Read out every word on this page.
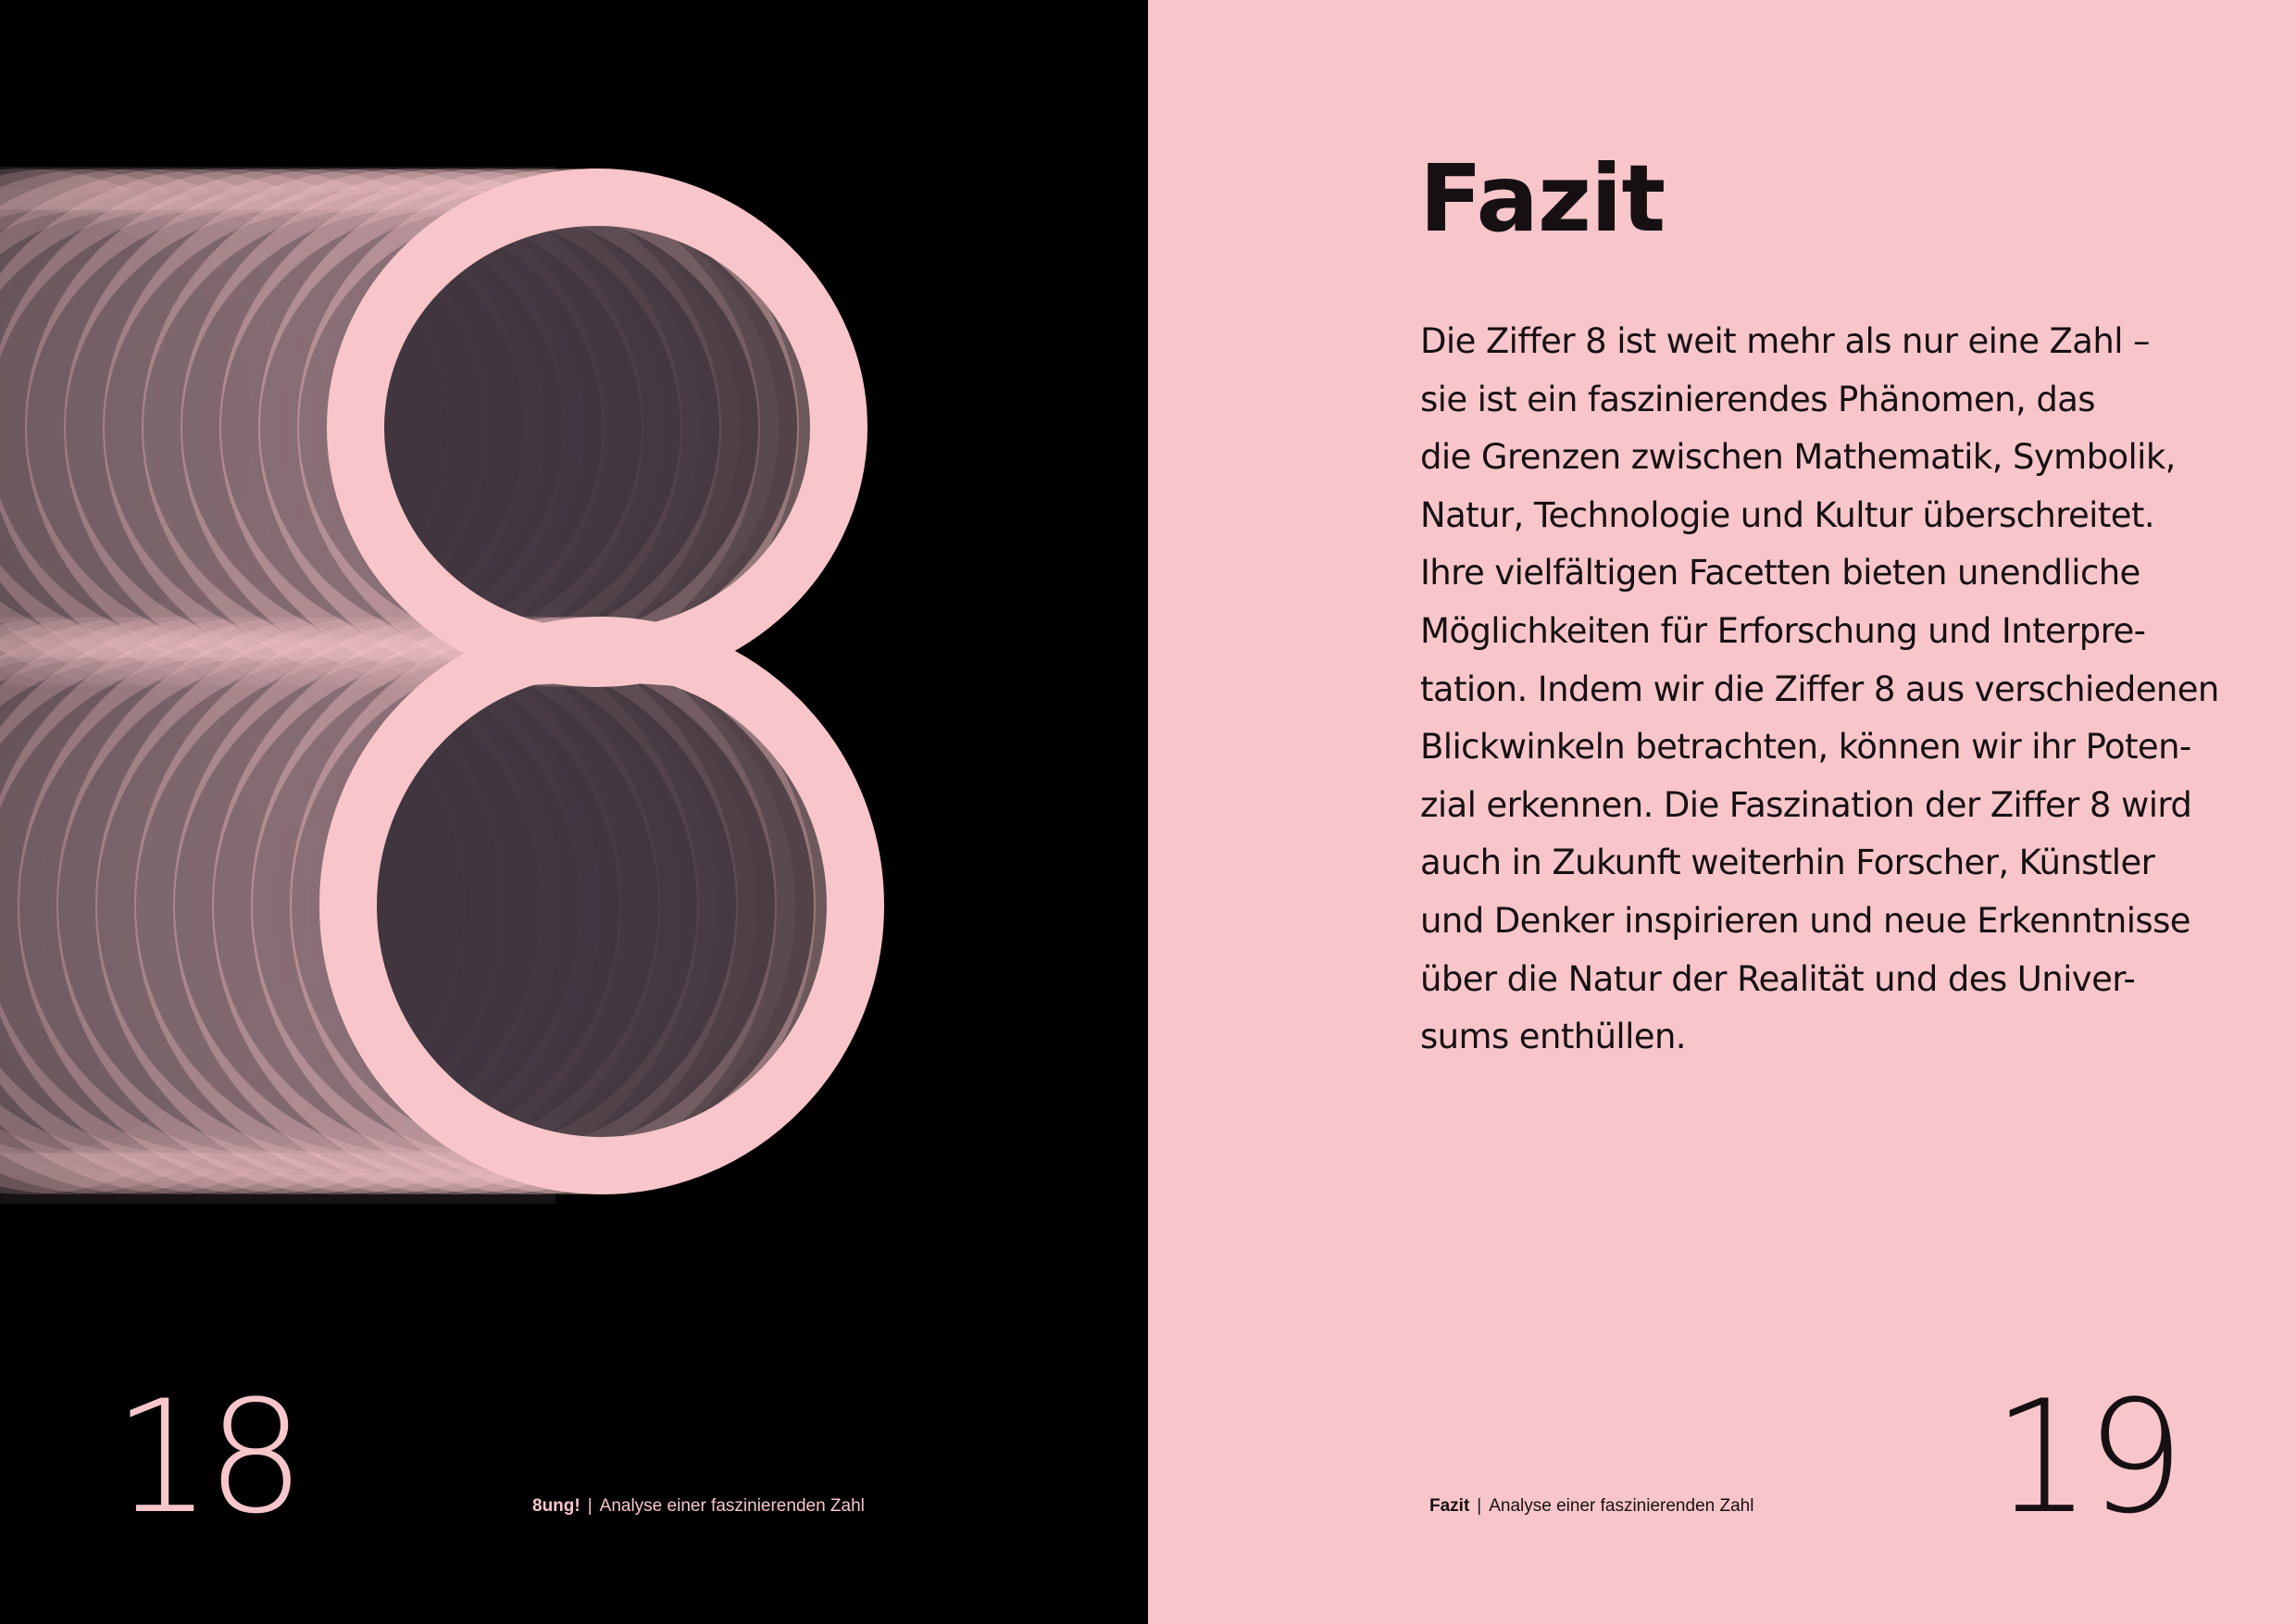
18	8ung! | Analyse einer faszinierenden Zahl
Fazit

Die Ziffer 8 ist weit mehr als nur eine Zahl –
sie ist ein faszinierendes Phänomen, das
die Grenzen zwischen Mathematik, Symbolik,
Natur, Technologie und Kultur überschreitet.
Ihre vielfältigen Facetten bieten unendliche
Möglichkeiten für Erforschung und Interpre-
tation. Indem wir die Ziffer 8 aus verschiedenen
Blickwinkeln betrachten, können wir ihr Poten-
zial erkennen. Die Faszination der Ziffer 8 wird
auch in Zukunft weiterhin Forscher, Künstler
und Denker inspirieren und neue Erkenntnisse
über die Natur der Realität und des Univer-
sums enthüllen.

19
Fazit | Analyse einer faszinierenden Zahl
